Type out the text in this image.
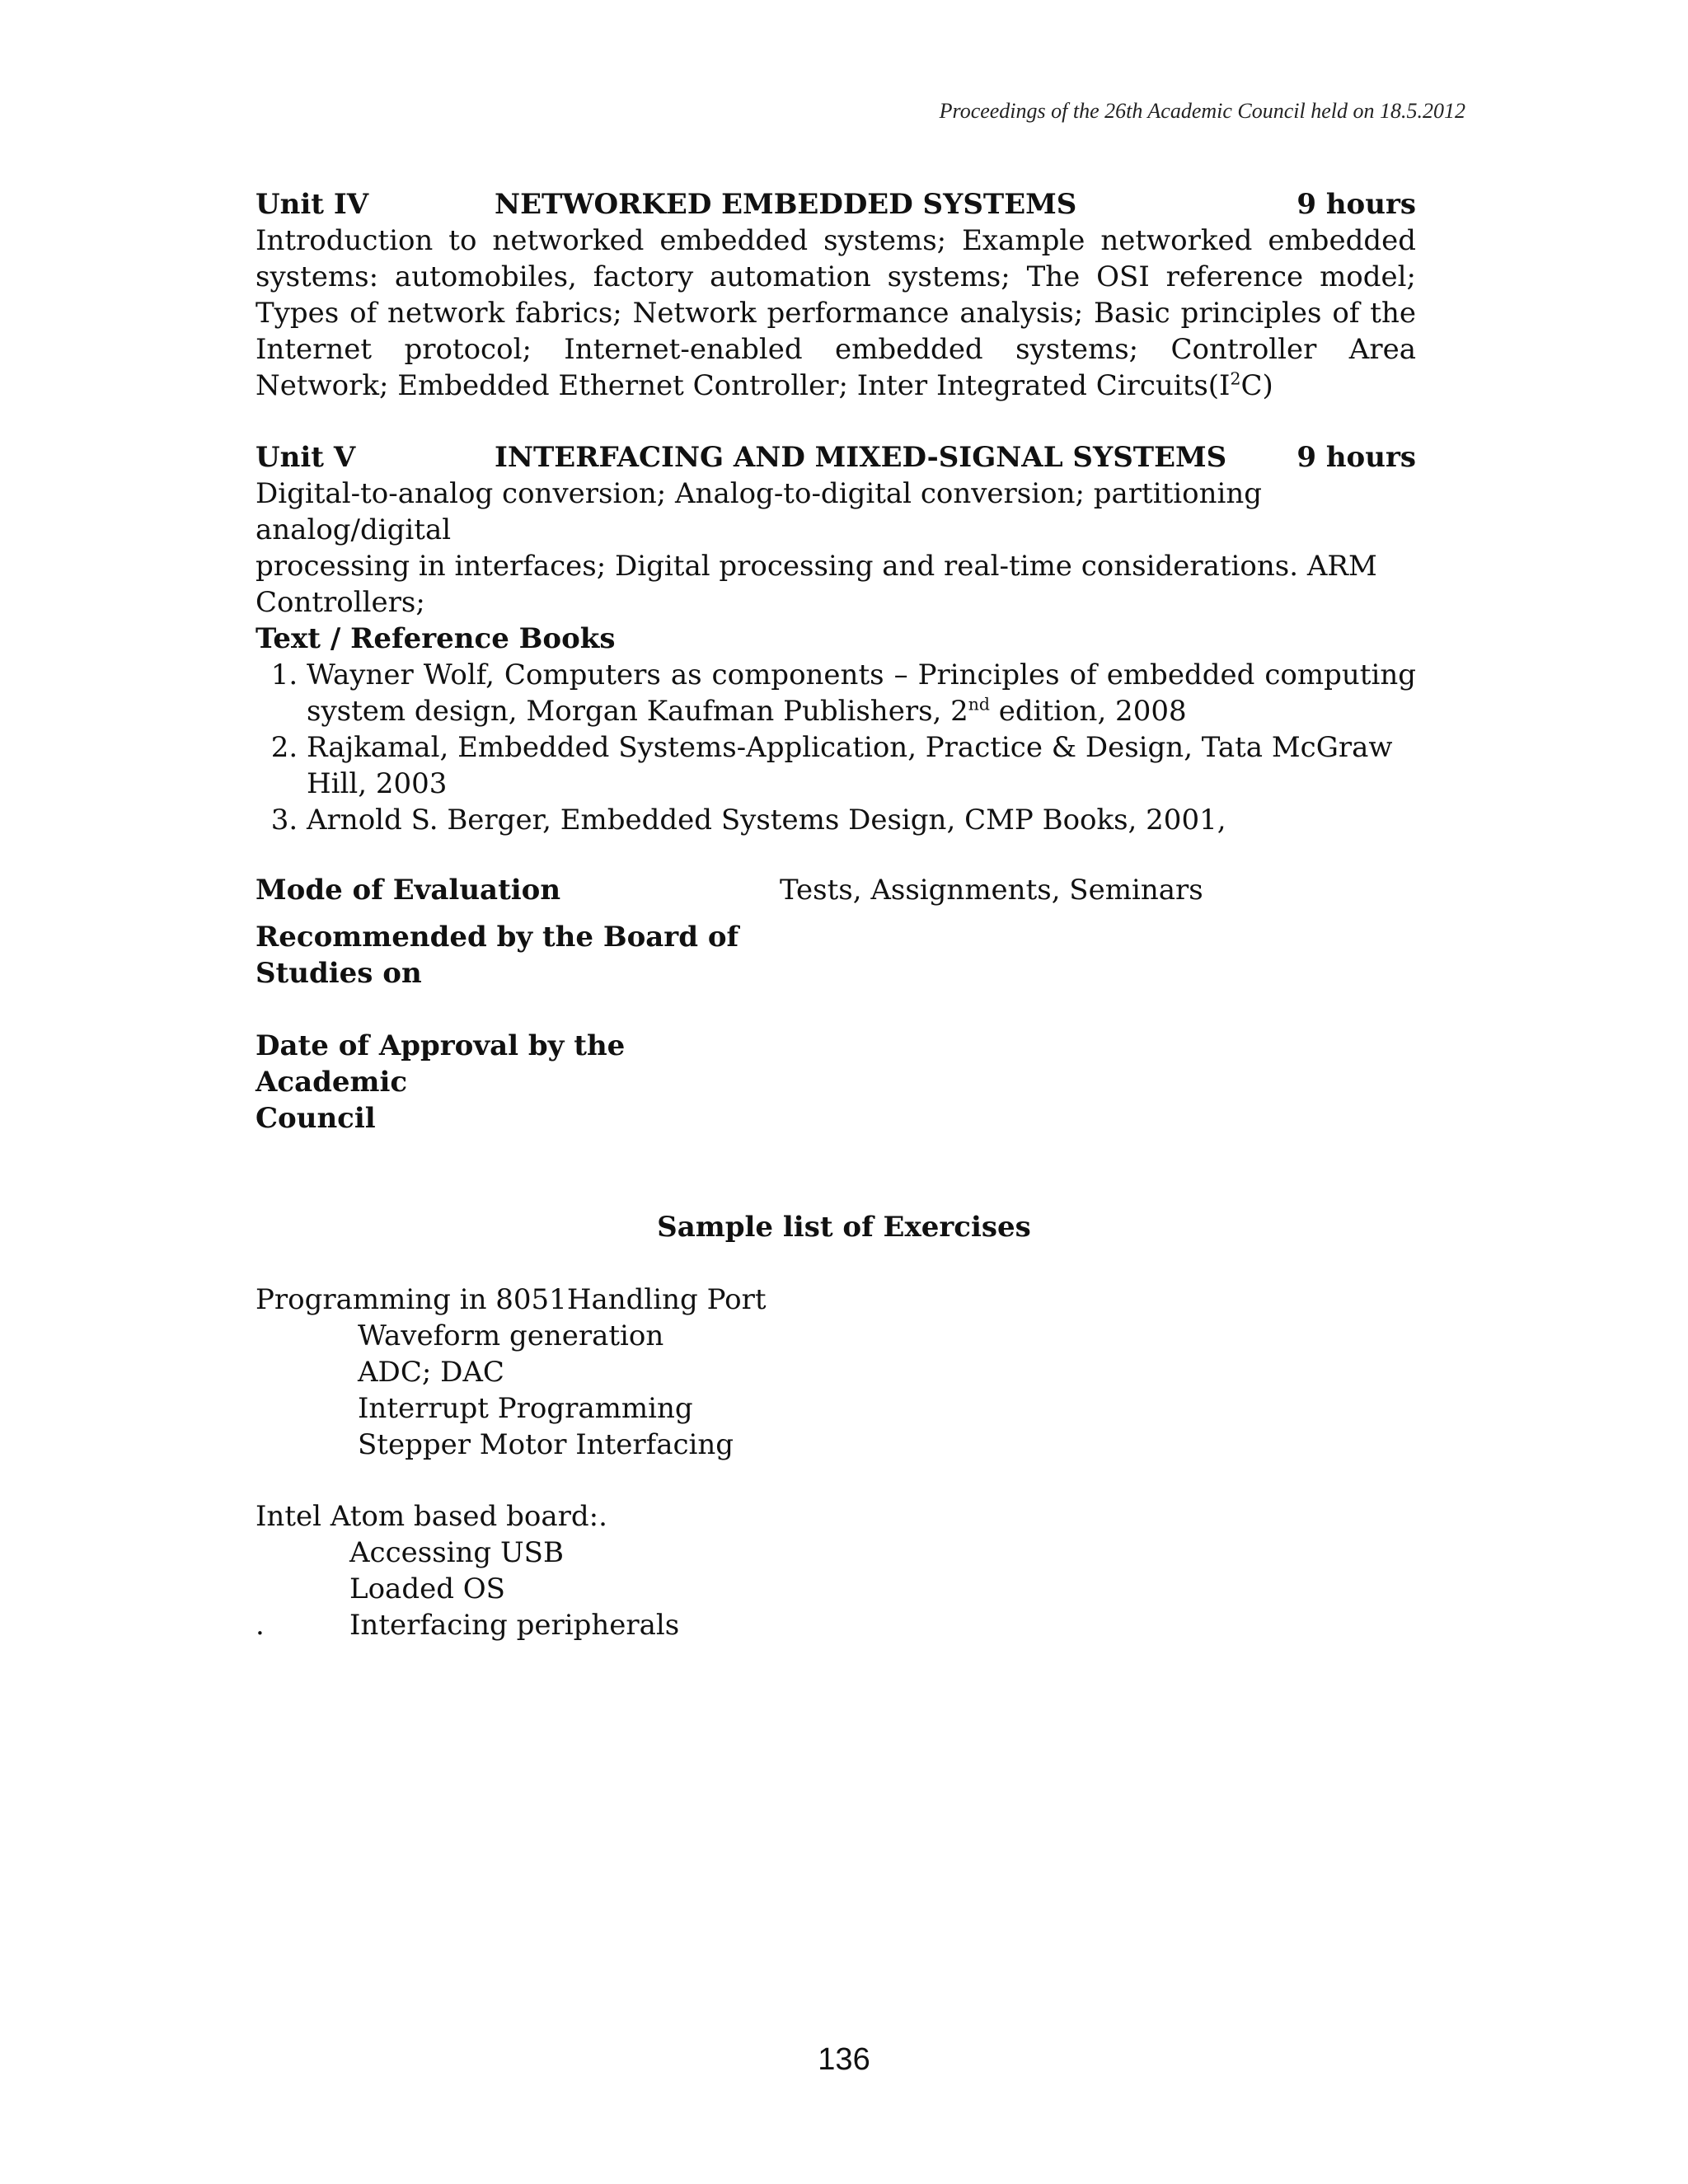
Proceedings of the 26th Academic Council held on 18.5.2012
Unit IV	NETWORKED EMBEDDED SYSTEMS	9 hours
Introduction to networked embedded systems; Example networked embedded systems: automobiles, factory automation systems; The OSI reference model; Types of network fabrics; Network performance analysis; Basic principles of the Internet protocol; Internet-enabled embedded systems; Controller Area Network; Embedded Ethernet Controller; Inter Integrated $Circuits(I^2C)$
Unit V	INTERFACING AND MIXED-SIGNAL SYSTEMS	9 hours
Digital-to-analog conversion; Analog-to-digital conversion; partitioning analog/digital
processing in interfaces; Digital processing and real-time considerations. ARM
Controllers;
Text / Reference Books
1. Wayner Wolf, Computers as components – Principles of embedded computing system design, Morgan Kaufman Publishers, 2nd edition, 2008
2. Rajkamal, Embedded Systems-Application, Practice & Design, Tata McGraw Hill, 2003
3. Arnold S. Berger, Embedded Systems Design, CMP Books, 2001,
Mode of Evaluation	Tests, Assignments, Seminars
Recommended by the Board of
Studies on
Date of Approval by the Academic
Council
Sample list of Exercises
Programming in 8051Handling Port
Waveform generation
ADC; DAC
Interrupt Programming
Stepper Motor Interfacing
Intel Atom based board:.
Accessing USB
Loaded OS
.	Interfacing peripherals
136
